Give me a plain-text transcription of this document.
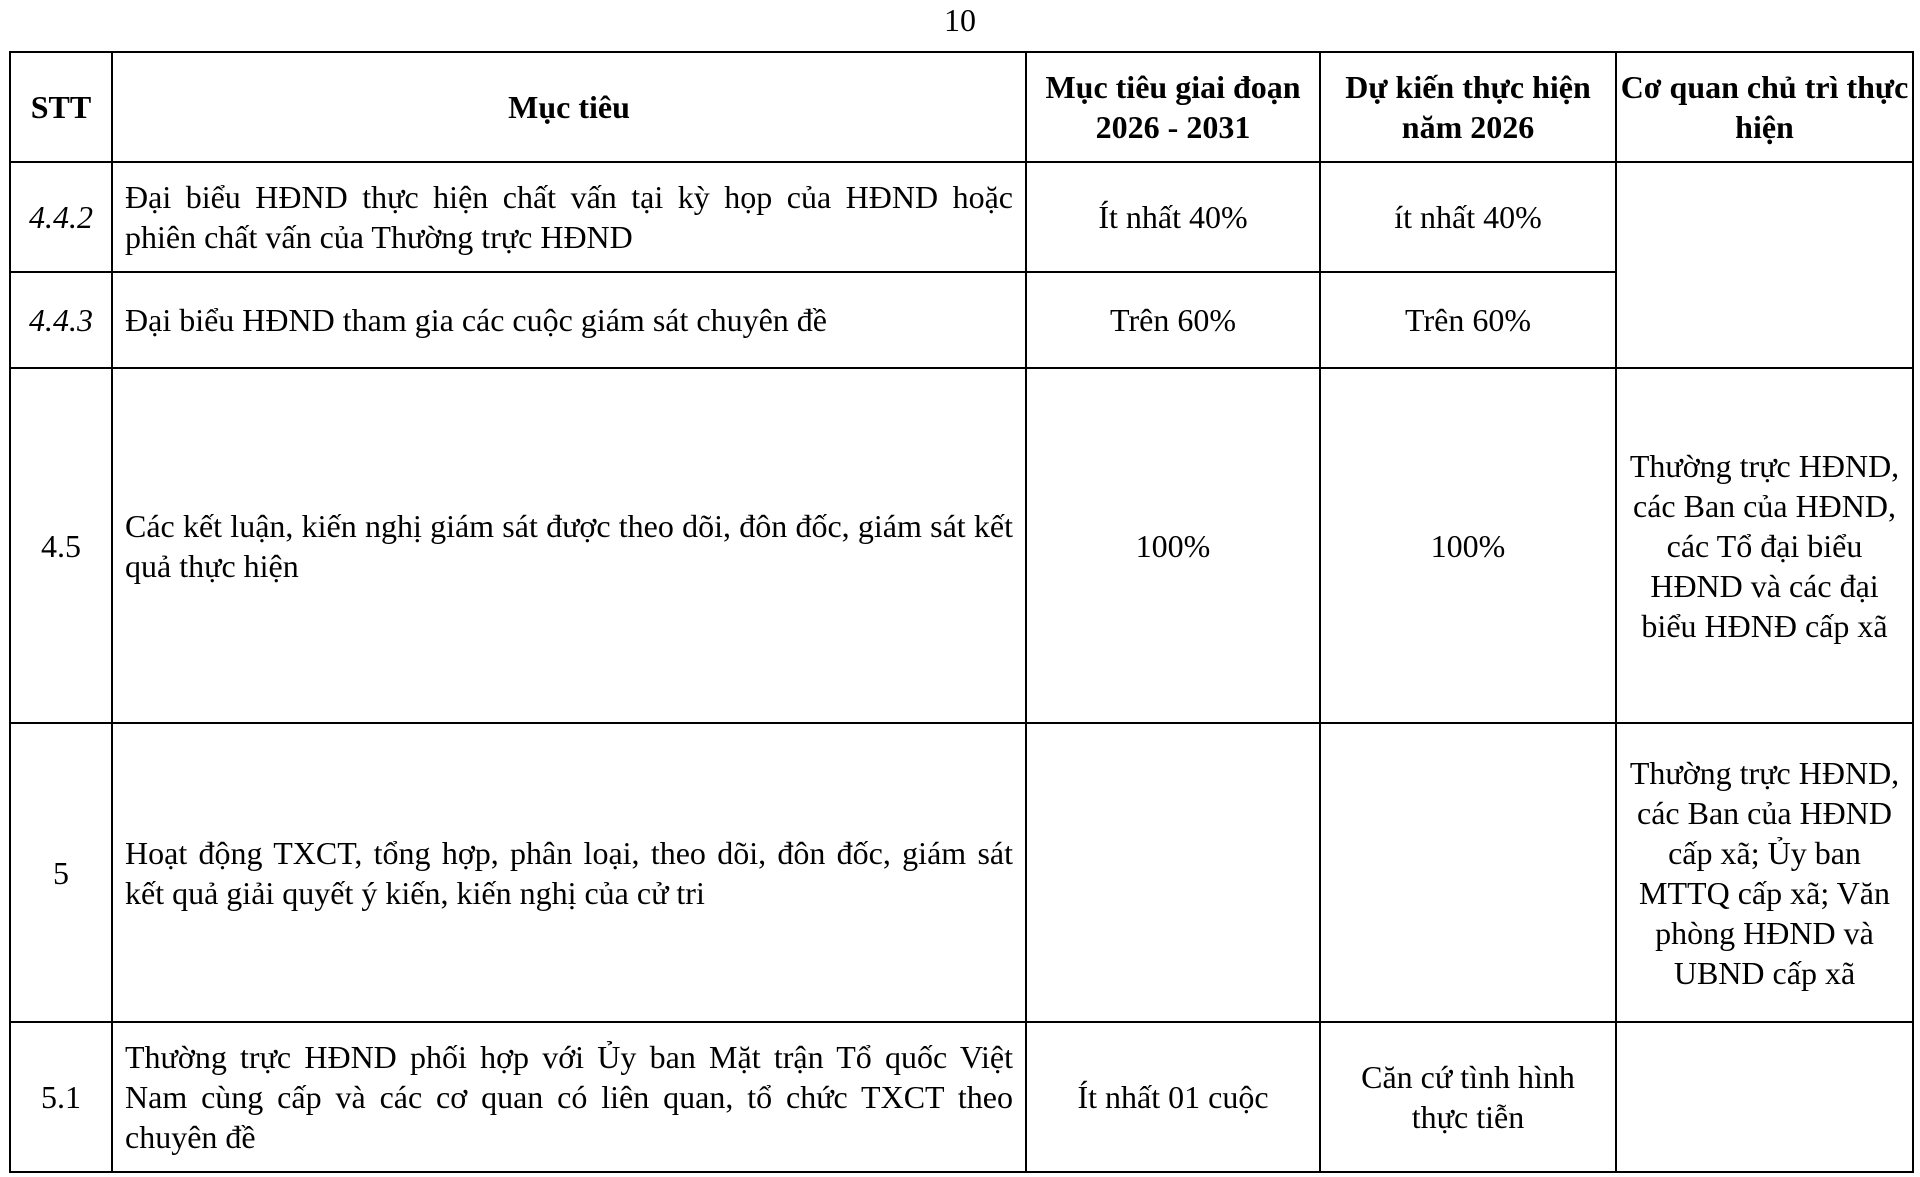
10
STT	Mục tiêu	Mục tiêu giai đoạn 2026 - 2031	Dự kiến thực hiện năm 2026	Cơ quan chủ trì thực hiện
4.4.2	Đại biểu HĐND thực hiện chất vấn tại kỳ họp của HĐND hoặc phiên chất vấn của Thường trực HĐND	Ít nhất 40%	ít nhất 40%	
4.4.3	Đại biểu HĐND tham gia các cuộc giám sát chuyên đề	Trên 60%	Trên 60%	
4.5	Các kết luận, kiến nghị giám sát được theo dõi, đôn đốc, giám sát kết quả thực hiện	100%	100%	Thường trực HĐND, các Ban của HĐND, các Tổ đại biểu HĐND và các đại biểu HĐNĐ cấp xã
5	Hoạt động TXCT, tổng hợp, phân loại, theo dõi, đôn đốc, giám sát kết quả giải quyết ý kiến, kiến nghị của cử tri			Thường trực HĐND, các Ban của HĐND cấp xã; Ủy ban MTTQ cấp xã; Văn phòng HĐND và UBND cấp xã
5.1	Thường trực HĐND phối hợp với Ủy ban Mặt trận Tổ quốc Việt Nam cùng cấp và các cơ quan có liên quan, tổ chức TXCT theo chuyên đề	Ít nhất 01 cuộc	Căn cứ tình hình thực tiễn	
